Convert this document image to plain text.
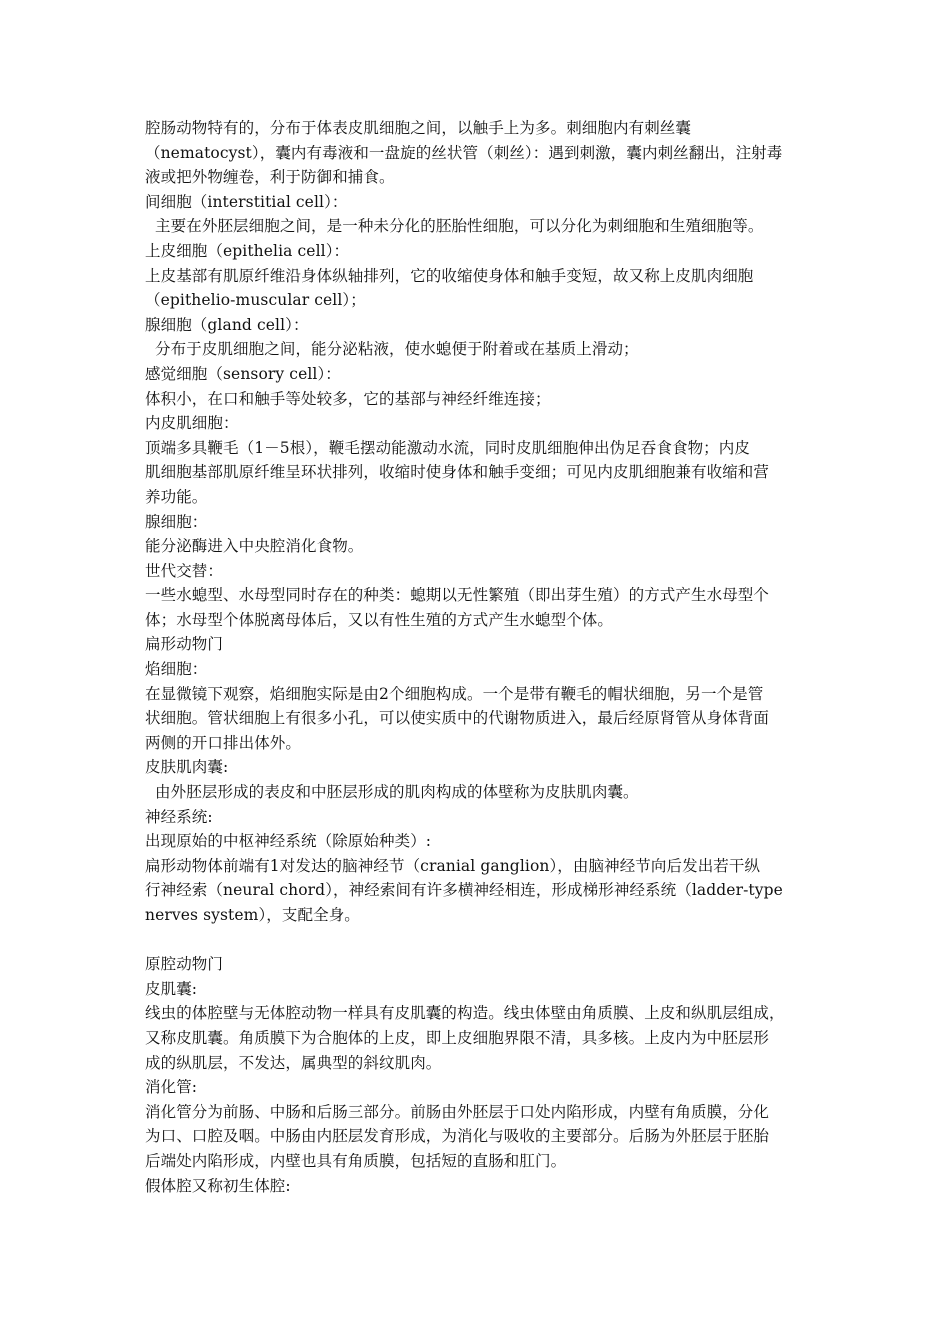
腔肠动物特有的，分布于体表皮肌细胞之间，以触手上为多。刺细胞内有刺丝囊

（nematocyst），囊内有毒液和一盘旋的丝状管（刺丝）：遇到刺激，囊内刺丝翻出，注射毒

液或把外物缠卷，利于防御和捕食。

间细胞（interstitial cell）：

主要在外胚层细胞之间，是一种未分化的胚胎性细胞，可以分化为刺细胞和生殖细胞等。

上皮细胞（epithelia cell）：

上皮基部有肌原纤维沿身体纵轴排列，它的收缩使身体和触手变短，故又称上皮肌肉细胞

（epithelio-muscular cell）；

腺细胞（gland cell）：

分布于皮肌细胞之间，能分泌粘液，使水螅便于附着或在基质上滑动；

感觉细胞（sensory cell）：

体积小，在口和触手等处较多，它的基部与神经纤维连接；

内皮肌细胞：

顶端多具鞭毛（1－5根），鞭毛摆动能激动水流，同时皮肌细胞伸出伪足吞食食物；内皮

肌细胞基部肌原纤维呈环状排列，收缩时使身体和触手变细；可见内皮肌细胞兼有收缩和营

养功能。

腺细胞：

能分泌酶进入中央腔消化食物。

世代交替：

一些水螅型、水母型同时存在的种类：螅期以无性繁殖（即出芽生殖）的方式产生水母型个

体；水母型个体脱离母体后，又以有性生殖的方式产生水螅型个体。

扁形动物门

焰细胞：

在显微镜下观察，焰细胞实际是由2个细胞构成。一个是带有鞭毛的帽状细胞，另一个是管

状细胞。管状细胞上有很多小孔，可以使实质中的代谢物质进入，最后经原肾管从身体背面

两侧的开口排出体外。

皮肤肌肉囊:

由外胚层形成的表皮和中胚层形成的肌肉构成的体壁称为皮肤肌肉囊。

神经系统:

出现原始的中枢神经系统（除原始种类）:

扁形动物体前端有1对发达的脑神经节（cranial ganglion），由脑神经节向后发出若干纵

行神经索（neural chord），神经索间有许多横神经相连，形成梯形神经系统（ladder-type

nerves system），支配全身。

原腔动物门

皮肌囊:

线虫的体腔壁与无体腔动物一样具有皮肌囊的构造。线虫体壁由角质膜、上皮和纵肌层组成，

又称皮肌囊。角质膜下为合胞体的上皮，即上皮细胞界限不清，具多核。上皮内为中胚层形

成的纵肌层，不发达，属典型的斜纹肌肉。

消化管:

消化管分为前肠、中肠和后肠三部分。前肠由外胚层于口处内陷形成，内壁有角质膜，分化

为口、口腔及咽。中肠由内胚层发育形成，为消化与吸收的主要部分。后肠为外胚层于胚胎

后端处内陷形成，内壁也具有角质膜，包括短的直肠和肛门。

假体腔又称初生体腔:
